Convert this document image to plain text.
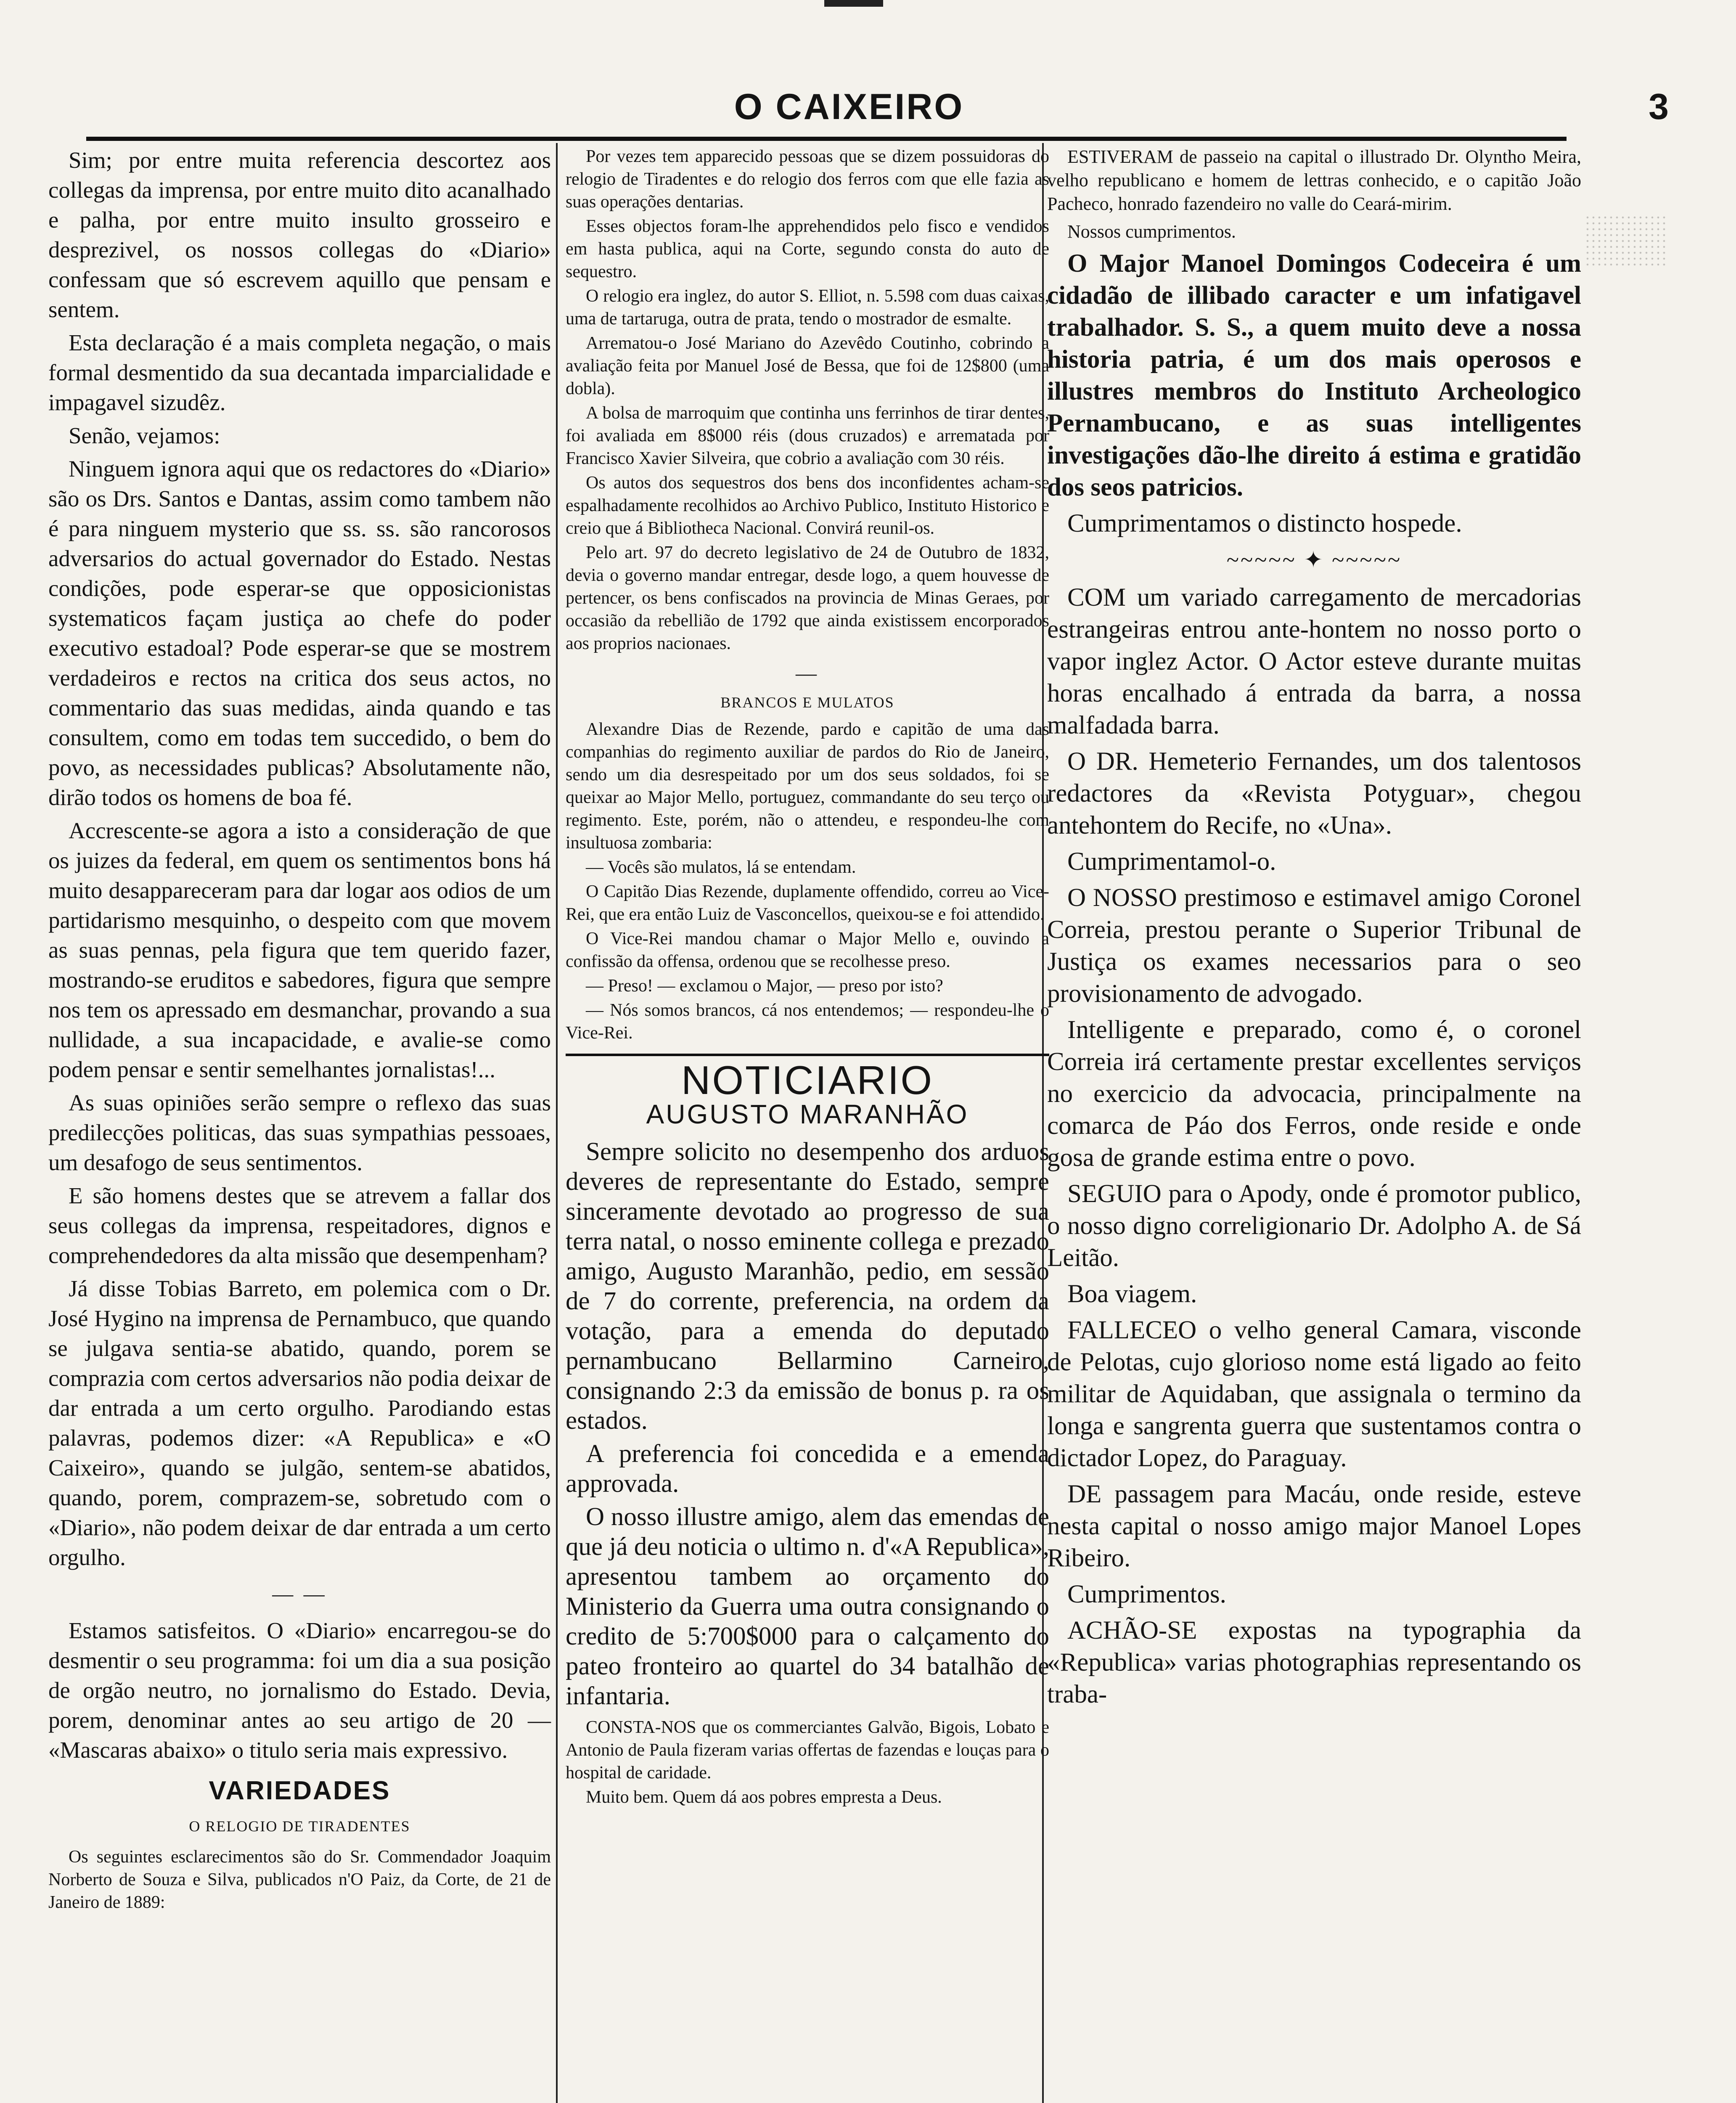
O CAIXEIRO	3

Sim; por entre muita referencia descortez aos collegas da imprensa, por entre muito dito acanalhado e palha, por entre muito insulto grosseiro e desprezivel, os nossos collegas do «Diario» confessam que só escrevem aquillo que pensam e sentem.

Esta declaração é a mais completa negação, o mais formal desmentido da sua decantada imparcialidade e impagavel sizudêz.

Senão, vejamos:

Ninguem ignora aqui que os redactores do «Diario» são os Drs. Santos e Dantas, assim como tambem não é para ninguem mysterio que ss. ss. são rancorosos adversarios do actual governador do Estado. Nestas condições, pode esperar-se que opposicionistas systematicos façam justiça ao chefe do poder executivo estadoal? Pode esperar-se que se mostrem verdadeiros e rectos na critica dos seus actos, no commentario das suas medidas, ainda quando e tas consultem, como em todas tem succedido, o bem do povo, as necessidades publicas? Absolutamente não, dirão todos os homens de boa fé.

Accrescente-se agora a isto a consideração de que os juizes da federal, em quem os sentimentos bons há muito desappareceram para dar logar aos odios de um partidarismo mesquinho, o despeito com que movem as suas pennas, pela figura que tem querido fazer, mostrando-se eruditos e sabedores, figura que sempre nos tem os apressado em desmanchar, provando a sua nullidade, a sua incapacidade, e avalie-se como podem pensar e sentir semelhantes jornalistas!...

As suas opiniões serão sempre o reflexo das suas predilecções politicas, das suas sympathias pessoaes, um desafogo de seus sentimentos.

E são homens destes que se atrevem a fallar dos seus collegas da imprensa, respeitadores, dignos e comprehendedores da alta missão que desempenham?

Já disse Tobias Barreto, em polemica com o Dr. José Hygino na imprensa de Pernambuco, que quando se julgava sentia-se abatido, quando, porem se comprazia com certos adversarios não podia deixar de dar entrada a um certo orgulho. Parodiando estas palavras, podemos dizer: «A Republica» e «O Caixeiro», quando se julgão, sentem-se abatidos, quando, porem, comprazem-se, sobretudo com o «Diario», não podem deixar de dar entrada a um certo orgulho.

— —

Estamos satisfeitos. O «Diario» encarregou-se do desmentir o seu programma: foi um dia a sua posição de orgão neutro, no jornalismo do Estado. Devia, porem, denominar antes ao seu artigo de 20 — «Mascaras abaixo» o titulo seria mais expressivo.

VARIEDADES
O RELOGIO DE TIRADENTES

Os seguintes esclarecimentos são do Sr. Commendador Joaquim Norberto de Souza e Silva, publicados n'O Paiz, da Corte, de 21 de Janeiro de 1889:

Por vezes tem apparecido pessoas que se dizem possuidoras do relogio de Tiradentes e do relogio dos ferros com que elle fazia as suas operações dentarias.

Esses objectos foram-lhe apprehendidos pelo fisco e vendidos em hasta publica, aqui na Corte, segundo consta do auto de sequestro.

O relogio era inglez, do autor S. Elliot, n. 5.598 com duas caixas, uma de tartaruga, outra de prata, tendo o mostrador de esmalte.

Arrematou-o José Mariano do Azevêdo Coutinho, cobrindo a avaliação feita por Manuel José de Bessa, que foi de 12$800 (uma dobla).

A bolsa de marroquim que continha uns ferrinhos de tirar dentes, foi avaliada em 8$000 réis (dous cruzados) e arrematada por Francisco Xavier Silveira, que cobrio a avaliação com 30 réis.

Os autos dos sequestros dos bens dos inconfidentes acham-se espalhadamente recolhidos ao Archivo Publico, Instituto Historico e creio que á Bibliotheca Nacional. Convirá reunil-os.

Pelo art. 97 do decreto legislativo de 24 de Outubro de 1832, devia o governo mandar entregar, desde logo, a quem houvesse de pertencer, os bens confiscados na provincia de Minas Geraes, por occasião da rebellião de 1792 que ainda existissem encorporados aos proprios nacionaes.

—
BRANCOS E MULATOS

Alexandre Dias de Rezende, pardo e capitão de uma das companhias do regimento auxiliar de pardos do Rio de Janeiro, sendo um dia desrespeitado por um dos seus soldados, foi se queixar ao Major Mello, portuguez, commandante do seu terço ou regimento. Este, porém, não o attendeu, e respondeu-lhe com insultuosa zombaria:

— Vocês são mulatos, lá se entendam.

O Capitão Dias Rezende, duplamente offendido, correu ao Vice-Rei, que era então Luiz de Vasconcellos, queixou-se e foi attendido.

O Vice-Rei mandou chamar o Major Mello e, ouvindo a confissão da offensa, ordenou que se recolhesse preso.

— Preso! — exclamou o Major, — preso por isto?

— Nós somos brancos, cá nos entendemos; — respondeu-lhe o Vice-Rei.

NOTICIARIO
AUGUSTO MARANHÃO

Sempre solicito no desempenho dos arduos deveres de representante do Estado, sempre sinceramente devotado ao progresso de sua terra natal, o nosso eminente collega e prezado amigo, Augusto Maranhão, pedio, em sessão de 7 do corrente, preferencia, na ordem da votação, para a emenda do deputado pernambucano Bellarmino Carneiro, consignando 2:3 da emissão de bonus p. ra os estados.

A preferencia foi concedida e a emenda approvada.

O nosso illustre amigo, alem das emendas de que já deu noticia o ultimo n. d'«A Republica», apresentou tambem ao orçamento do Ministerio da Guerra uma outra consignando o credito de 5:700$000 para o calçamento do pateo fronteiro ao quartel do 34 batalhão de infantaria.

CONSTA-NOS que os commerciantes Galvão, Bigois, Lobato e Antonio de Paula fizeram varias offertas de fazendas e louças para o hospital de caridade.

Muito bem. Quem dá aos pobres empresta a Deus.

ESTIVERAM de passeio na capital o illustrado Dr. Olyntho Meira, velho republicano e homem de lettras conhecido, e o capitão João Pacheco, honrado fazendeiro no valle do Ceará-mirim.

Nossos cumprimentos.

O Major Manoel Domingos Codeceira é um cidadão de illibado caracter e um infatigavel trabalhador. S. S., a quem muito deve a nossa historia patria, é um dos mais operosos e illustres membros do Instituto Archeologico Pernambucano, e as suas intelligentes investigações dão-lhe direito á estima e gratidão dos seos patricios.

Cumprimentamos o distincto hospede.

~~~~~ ✦ ~~~~~

COM um variado carregamento de mercadorias estrangeiras entrou ante-hontem no nosso porto o vapor inglez Actor. O Actor esteve durante muitas horas encalhado á entrada da barra, a nossa malfadada barra.

O DR. Hemeterio Fernandes, um dos talentosos redactores da «Revista Potyguar», chegou antehontem do Recife, no «Una».

Cumprimentamol-o.

O NOSSO prestimoso e estimavel amigo Coronel Correia, prestou perante o Superior Tribunal de Justiça os exames necessarios para o seo provisionamento de advogado.

Intelligente e preparado, como é, o coronel Correia irá certamente prestar excellentes serviços no exercicio da advocacia, principalmente na comarca de Páo dos Ferros, onde reside e onde gosa de grande estima entre o povo.

SEGUIO para o Apody, onde é promotor publico, o nosso digno correligionario Dr. Adolpho A. de Sá Leitão.

Boa viagem.

FALLECEO o velho general Camara, visconde de Pelotas, cujo glorioso nome está ligado ao feito militar de Aquidaban, que assignala o termino da longa e sangrenta guerra que sustentamos contra o dictador Lopez, do Paraguay.

DE passagem para Macáu, onde reside, esteve nesta capital o nosso amigo major Manoel Lopes Ribeiro.

Cumprimentos.

ACHÃO-SE expostas na typographia da «Republica» varias photographias representando os traba-
